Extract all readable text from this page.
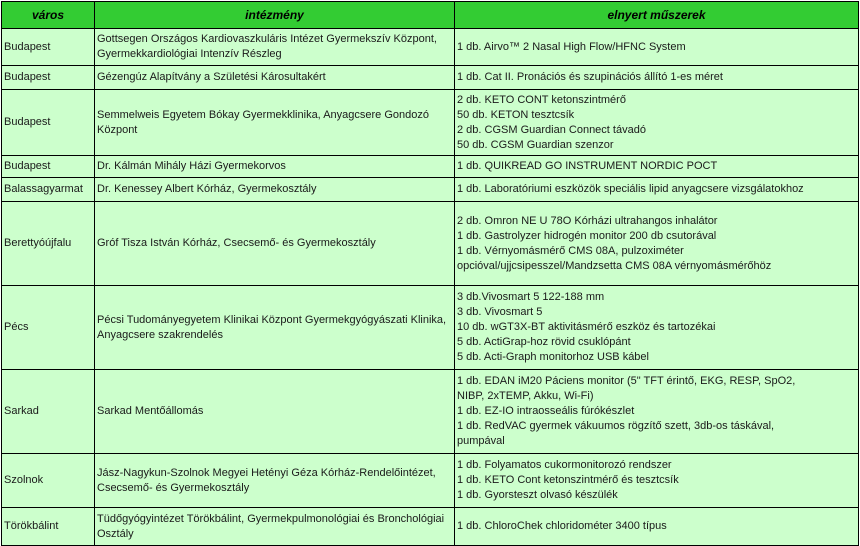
város	intézmény	elnyert műszerek
Budapest	Gottsegen Országos Kardiovaszkuláris Intézet Gyermekszív Központ, Gyermekkardiológiai Intenzív Részleg	1 db. Airvo™ 2 Nasal High Flow/HFNC System

Budapest	Gézengúz Alapítvány a Születési Károsultakért	1 db. Cat II. Pronációs és szupinációs állító 1-es méret

Budapest	Semmelweis Egyetem Bókay Gyermekklinika, Anyagcsere Gondozó Központ	2 db. KETO CONT ketonszintmérő
50 db. KETON tesztcsík
2 db. CGSM Guardian Connect távadó
50 db. CGSM Guardian szenzor

Budapest	Dr. Kálmán Mihály Házi Gyermekorvos	1 db. QUIKREAD GO INSTRUMENT NORDIC POCT

Balassagyarmat	Dr. Kenessey Albert Kórház, Gyermekosztály	1 db. Laboratóriumi eszközök speciális lipid anyagcsere vizsgálatokhoz

Berettyóújfalu	Gróf Tisza István Kórház, Csecsemő- és Gyermekosztály	2 db. Omron NE U 78O Kórházi ultrahangos inhalátor
1 db. Gastrolyzer hidrogén monitor 200 db csutorával
1 db. Vérnyomásmérő CMS 08A, pulzoximéter
opcióval/ujjcsipesszel/Mandzsetta CMS 08A vérnyomásmérőhöz

Pécs	Pécsi Tudományegyetem Klinikai Központ Gyermekgyógyászati Klinika, Anyagcsere szakrendelés	3 db.Vivosmart 5 122-188 mm
3 db. Vivosmart 5
10 db. wGT3X-BT aktivitásmérő eszköz és tartozékai
5 db. ActiGrap-hoz rövid csuklópánt
5 db. Acti-Graph monitorhoz USB kábel

Sarkad	Sarkad Mentőállomás	1 db. EDAN iM20 Páciens monitor (5" TFT érintő, EKG, RESP, SpO2,
NIBP, 2xTEMP, Akku, Wi-Fi)
1 db. EZ-IO intraosseális fúrókészlet
1 db. RedVAC gyermek vákuumos rögzítő szett, 3db-os táskával,
pumpával

Szolnok	Jász-Nagykun-Szolnok Megyei Hetényi Géza Kórház-Rendelőintézet, Csecsemő- és Gyermekosztály	1 db. Folyamatos cukormonitorozó rendszer
1 db. KETO Cont ketonszintmérő és tesztcsík
1 db. Gyorsteszt olvasó készülék

Törökbálint	Tüdőgyógyintézet Törökbálint, Gyermekpulmonológiai és Bronchológiai Osztály	1 db. ChloroChek chloridométer 3400 típus
